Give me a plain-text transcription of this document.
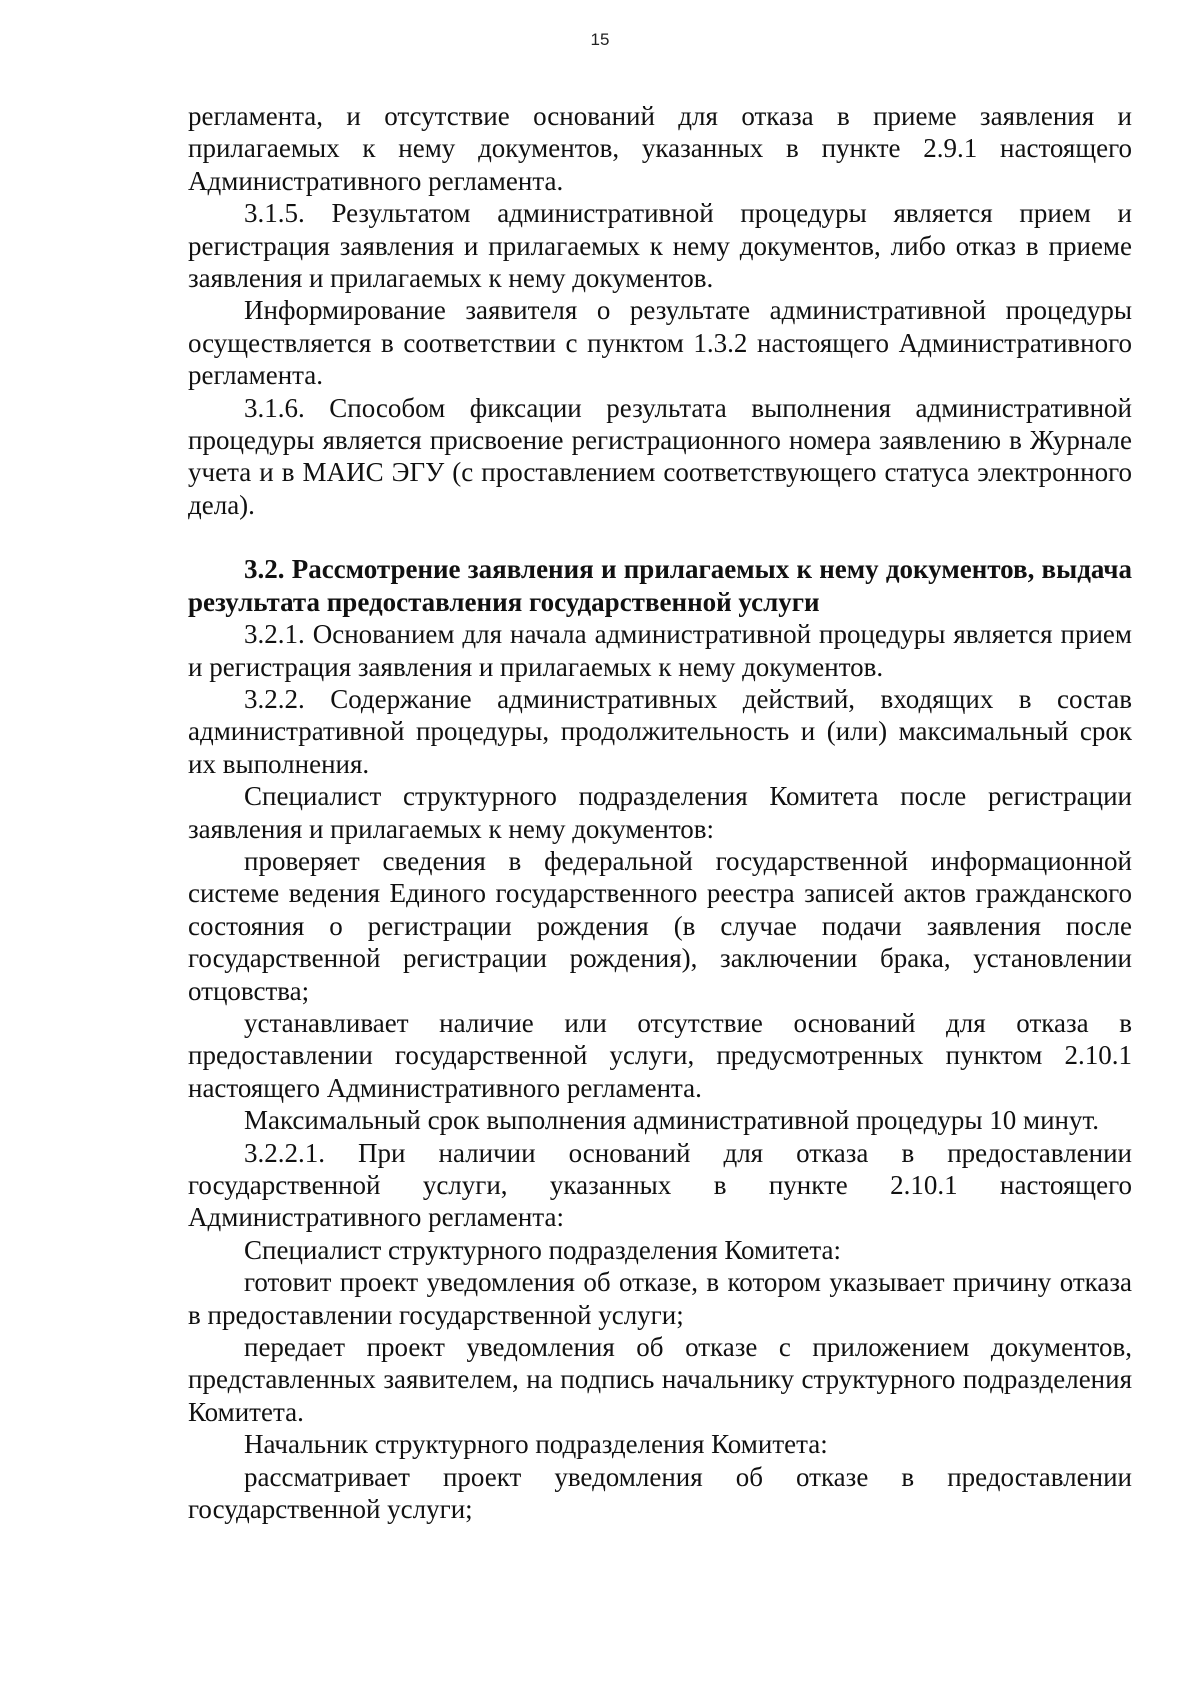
15

регламента, и отсутствие оснований для отказа в приеме заявления и прилагаемых к нему документов, указанных в пункте 2.9.1 настоящего Административного регламента.

3.1.5. Результатом административной процедуры является прием и регистрация заявления и прилагаемых к нему документов, либо отказ в приеме заявления и прилагаемых к нему документов.

Информирование заявителя о результате административной процедуры осуществляется в соответствии с пунктом 1.3.2 настоящего Административного регламента.

3.1.6. Способом фиксации результата выполнения административной процедуры является присвоение регистрационного номера заявлению в Журнале учета и в МАИС ЭГУ (с проставлением соответствующего статуса электронного дела).

3.2. Рассмотрение заявления и прилагаемых к нему документов, выдача результата предоставления государственной услуги

3.2.1. Основанием для начала административной процедуры является прием и регистрация заявления и прилагаемых к нему документов.

3.2.2. Содержание административных действий, входящих в состав административной процедуры, продолжительность и (или) максимальный срок их выполнения.

Специалист структурного подразделения Комитета после регистрации заявления и прилагаемых к нему документов:

проверяет сведения в федеральной государственной информационной системе ведения Единого государственного реестра записей актов гражданского состояния о регистрации рождения (в случае подачи заявления после государственной регистрации рождения), заключении брака, установлении отцовства;

устанавливает наличие или отсутствие оснований для отказа в предоставлении государственной услуги, предусмотренных пунктом 2.10.1 настоящего Административного регламента.

Максимальный срок выполнения административной процедуры 10 минут.

3.2.2.1. При наличии оснований для отказа в предоставлении государственной услуги, указанных в пункте 2.10.1 настоящего Административного регламента:

Специалист структурного подразделения Комитета:

готовит проект уведомления об отказе, в котором указывает причину отказа в предоставлении государственной услуги;

передает проект уведомления об отказе с приложением документов, представленных заявителем, на подпись начальнику структурного подразделения Комитета.

Начальник структурного подразделения Комитета:

рассматривает проект уведомления об отказе в предоставлении государственной услуги;
